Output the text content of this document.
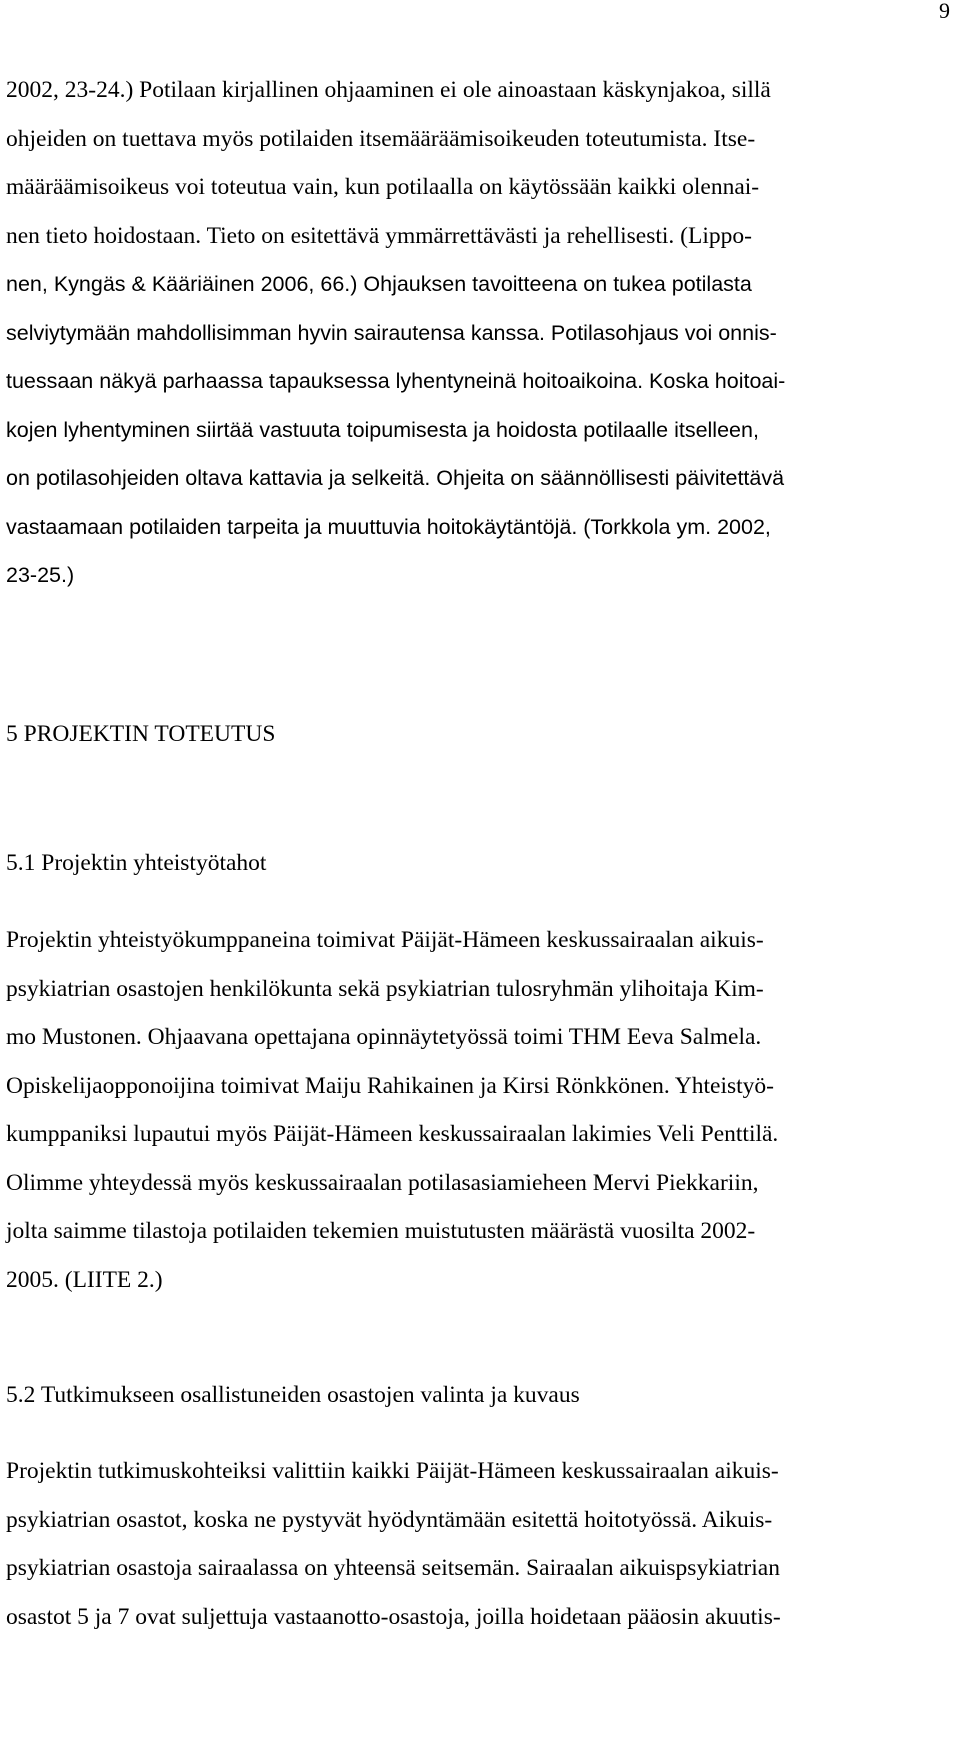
9
2002, 23-24.) Potilaan kirjallinen ohjaaminen ei ole ainoastaan käskynjakoa, sillä
ohjeiden on tuettava myös potilaiden itsemääräämisoikeuden toteutumista. Itse-
määräämisoikeus voi toteutua vain, kun potilaalla on käytössään kaikki olennai-
nen tieto hoidostaan. Tieto on esitettävä ymmärrettävästi ja rehellisesti. (Lippo-
nen, Kyngäs & Kääriäinen 2006, 66.) Ohjauksen tavoitteena on tukea potilasta
selviytymään mahdollisimman hyvin sairautensa kanssa. Potilasohjaus voi onnis-
tuessaan näkyä parhaassa tapauksessa lyhentyneinä hoitoaikoina. Koska hoitoai-
kojen lyhentyminen siirtää vastuuta toipumisesta ja hoidosta potilaalle itselleen,
on potilasohjeiden oltava kattavia ja selkeitä. Ohjeita on säännöllisesti päivitettävä
vastaamaan potilaiden tarpeita ja muuttuvia hoitokäytäntöjä. (Torkkola ym. 2002,
23-25.)
5 PROJEKTIN TOTEUTUS
5.1 Projektin yhteistyötahot
Projektin yhteistyökumppaneina toimivat Päijät-Hämeen keskussairaalan aikuis-
psykiatrian osastojen henkilökunta sekä psykiatrian tulosryhmän ylihoitaja Kim-
mo Mustonen. Ohjaavana opettajana opinnäytetyössä toimi THM Eeva Salmela.
Opiskelijaopponoijina toimivat Maiju Rahikainen ja Kirsi Rönkkönen. Yhteistyö-
kumppaniksi lupautui myös Päijät-Hämeen keskussairaalan lakimies Veli Penttilä.
Olimme yhteydessä myös keskussairaalan potilasasiamieheen Mervi Piekkariin,
jolta saimme tilastoja potilaiden tekemien muistutusten määrästä vuosilta 2002-
2005. (LIITE 2.)
5.2 Tutkimukseen osallistuneiden osastojen valinta ja kuvaus
Projektin tutkimuskohteiksi valittiin kaikki Päijät-Hämeen keskussairaalan aikuis-
psykiatrian osastot, koska ne pystyvät hyödyntämään esitettä hoitotyössä. Aikuis-
psykiatrian osastoja sairaalassa on yhteensä seitsemän. Sairaalan aikuispsykiatrian
osastot 5 ja 7 ovat suljettuja vastaanotto-osastoja, joilla hoidetaan pääosin akuutis-
